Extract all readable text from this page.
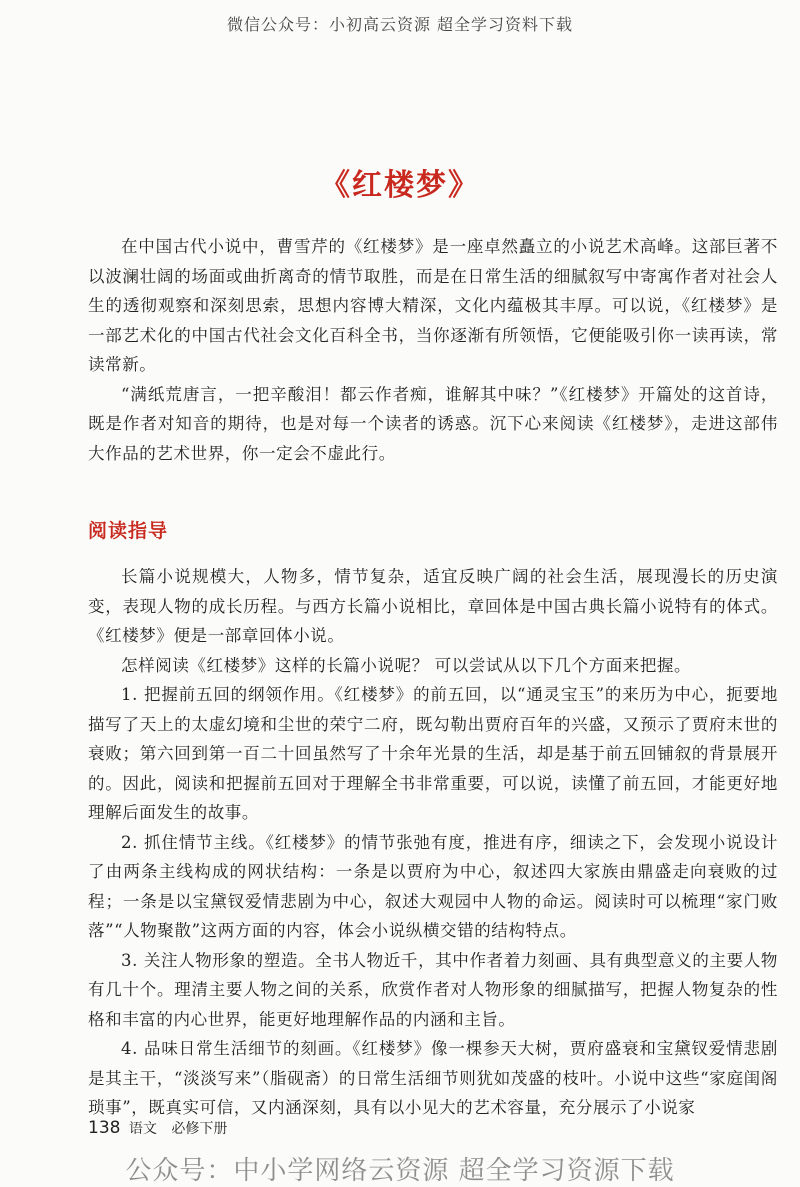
微信公众号：小初高云资源 超全学习资料下载
《红楼梦》

在中国古代小说中，曹雪芹的《红楼梦》是一座卓然矗立的小说艺术高峰。这部巨著不以波澜壮阔的场面或曲折离奇的情节取胜，而是在日常生活的细腻叙写中寄寓作者对社会人生的透彻观察和深刻思索，思想内容博大精深，文化内蕴极其丰厚。可以说，《红楼梦》是一部艺术化的中国古代社会文化百科全书，当你逐渐有所领悟，它便能吸引你一读再读，常读常新。

“满纸荒唐言，一把辛酸泪！都云作者痴，谁解其中味？”《红楼梦》开篇处的这首诗，既是作者对知音的期待，也是对每一个读者的诱惑。沉下心来阅读《红楼梦》，走进这部伟大作品的艺术世界，你一定会不虚此行。

阅读指导

长篇小说规模大，人物多，情节复杂，适宜反映广阔的社会生活，展现漫长的历史演变，表现人物的成长历程。与西方长篇小说相比，章回体是中国古典长篇小说特有的体式。《红楼梦》便是一部章回体小说。

怎样阅读《红楼梦》这样的长篇小说呢？ 可以尝试从以下几个方面来把握。

1. 把握前五回的纲领作用。《红楼梦》的前五回，以“通灵宝玉”的来历为中心，扼要地描写了天上的太虚幻境和尘世的荣宁二府，既勾勒出贾府百年的兴盛，又预示了贾府末世的衰败；第六回到第一百二十回虽然写了十余年光景的生活，却是基于前五回铺叙的背景展开的。因此，阅读和把握前五回对于理解全书非常重要，可以说，读懂了前五回，才能更好地理解后面发生的故事。

2. 抓住情节主线。《红楼梦》的情节张弛有度，推进有序，细读之下，会发现小说设计了由两条主线构成的网状结构：一条是以贾府为中心，叙述四大家族由鼎盛走向衰败的过程；一条是以宝黛钗爱情悲剧为中心，叙述大观园中人物的命运。阅读时可以梳理“家门败落”“人物聚散”这两方面的内容，体会小说纵横交错的结构特点。

3. 关注人物形象的塑造。全书人物近千，其中作者着力刻画、具有典型意义的主要人物有几十个。理清主要人物之间的关系，欣赏作者对人物形象的细腻描写，把握人物复杂的性格和丰富的内心世界，能更好地理解作品的内涵和主旨。

4. 品味日常生活细节的刻画。《红楼梦》像一棵参天大树，贾府盛衰和宝黛钗爱情悲剧是其主干，“淡淡写来”（脂砚斋）的日常生活细节则犹如茂盛的枝叶。小说中这些“家庭闺阁琐事”，既真实可信，又内涵深刻，具有以小见大的艺术容量，充分展示了小说家

138 语文 必修下册
公众号：中小学网络云资源 超全学习资源下载
